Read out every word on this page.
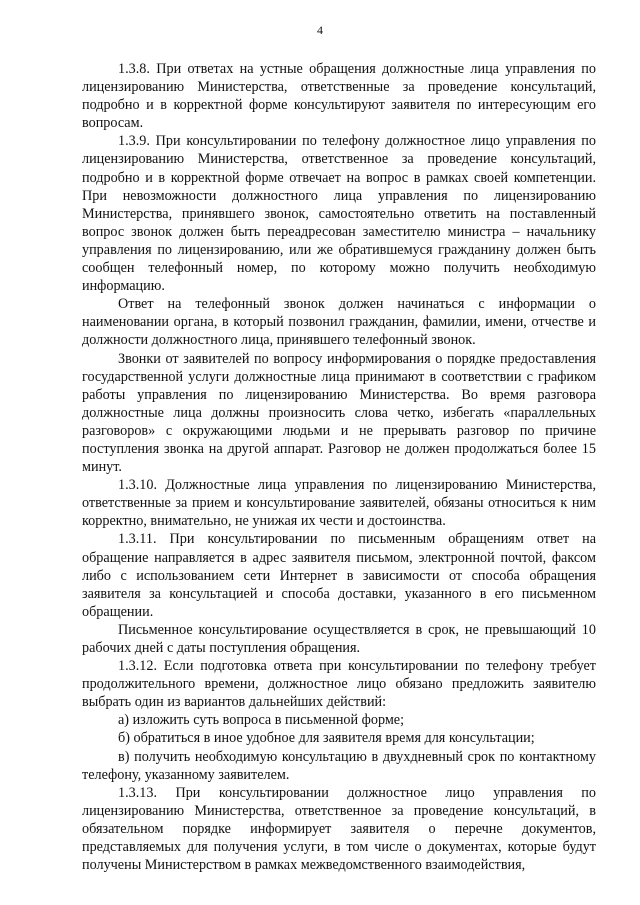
4

1.3.8. При ответах на устные обращения должностные лица управления по лицензированию Министерства, ответственные за проведение консультаций, подробно и в корректной форме консультируют заявителя по интересующим его вопросам.

1.3.9. При консультировании по телефону должностное лицо управления по лицензированию Министерства, ответственное за проведение консультаций, подробно и в корректной форме отвечает на вопрос в рамках своей компетенции. При невозможности должностного лица управления по лицензированию Министерства, принявшего звонок, самостоятельно ответить на поставленный вопрос звонок должен быть переадресован заместителю министра – начальнику управления по лицензированию, или же обратившемуся гражданину должен быть сообщен телефонный номер, по которому можно получить необходимую информацию.

Ответ на телефонный звонок должен начинаться с информации о наименовании органа, в который позвонил гражданин, фамилии, имени, отчестве и должности должностного лица, принявшего телефонный звонок.

Звонки от заявителей по вопросу информирования о порядке предоставления государственной услуги должностные лица принимают в соответствии с графиком работы управления по лицензированию Министерства. Во время разговора должностные лица должны произносить слова четко, избегать «параллельных разговоров» с окружающими людьми и не прерывать разговор по причине поступления звонка на другой аппарат. Разговор не должен продолжаться более 15 минут.

1.3.10. Должностные лица управления по лицензированию Министерства, ответственные за прием и консультирование заявителей, обязаны относиться к ним корректно, внимательно, не унижая их чести и достоинства.

1.3.11. При консультировании по письменным обращениям ответ на обращение направляется в адрес заявителя письмом, электронной почтой, факсом либо с использованием сети Интернет в зависимости от способа обращения заявителя за консультацией и способа доставки, указанного в его письменном обращении.

Письменное консультирование осуществляется в срок, не превышающий 10 рабочих дней с даты поступления обращения.

1.3.12. Если подготовка ответа при консультировании по телефону требует продолжительного времени, должностное лицо обязано предложить заявителю выбрать один из вариантов дальнейших действий:

а) изложить суть вопроса в письменной форме;

б) обратиться в иное удобное для заявителя время для консультации;

в) получить необходимую консультацию в двухдневный срок по контактному телефону, указанному заявителем.

1.3.13. При консультировании должностное лицо управления по лицензированию Министерства, ответственное за проведение консультаций, в обязательном порядке информирует заявителя о перечне документов, представляемых для получения услуги, в том числе о документах, которые будут получены Министерством в рамках межведомственного взаимодействия,
